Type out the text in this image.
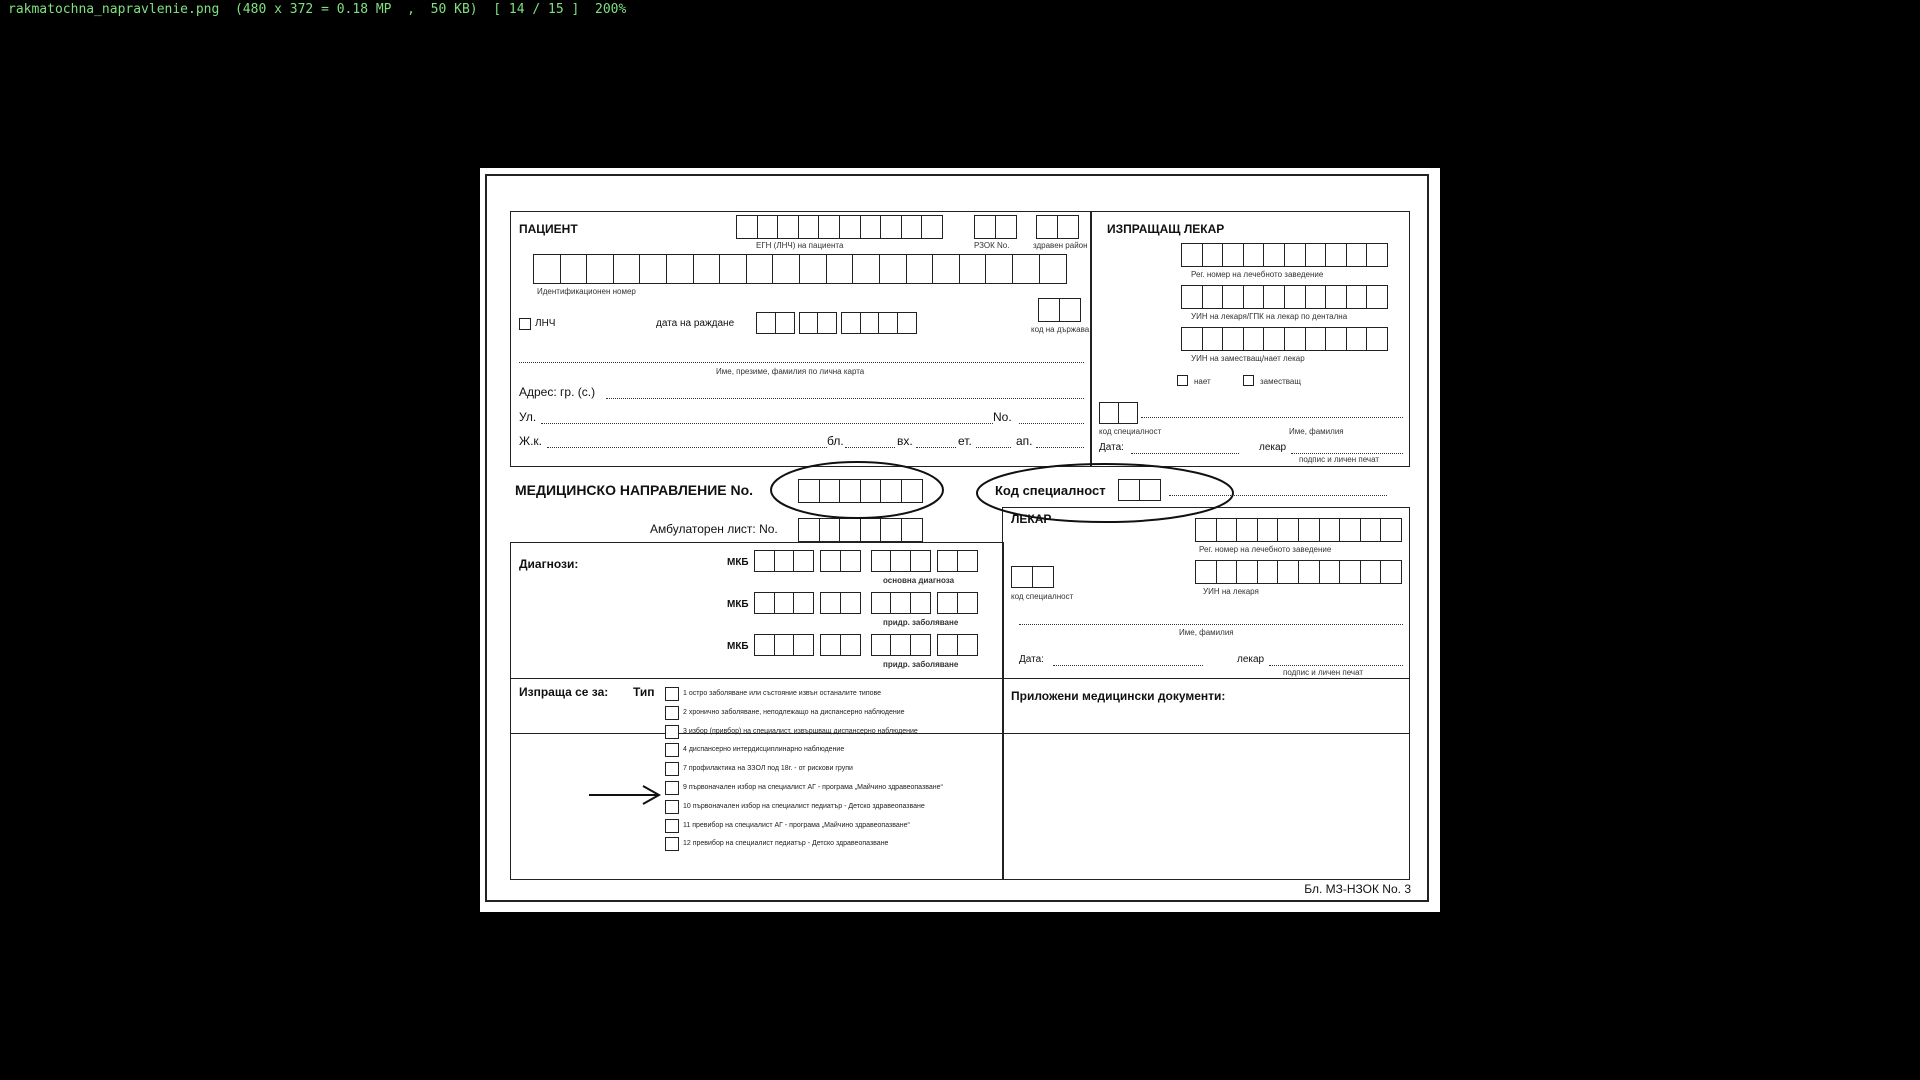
rakmatochna_napravlenie.png  (480 x 372 = 0.18 MP  ,  50 KB)  [ 14 / 15 ]  200%
ПАЦИЕНТ
ЕГН (ЛНЧ) на пациента	РЗОК No.	здравен район
Идентификационен номер
ЛНЧ	дата на раждане
код на държава
Име, презиме, фамилия по лична карта
Адрес: гр. (с.)
Ул.	No.
Ж.к.	бл.	вх.	ет.	ап.
ИЗПРАЩАЩ ЛЕКАР
Рег. номер на лечебното заведение
УИН на лекаря/ГПК на лекар по дентална
УИН на заместващ/нает лекар
нает	заместващ
код специалност	Име, фамилия
Дата:	лекар
подпис и личен печат
МЕДИЦИНСКО НАПРАВЛЕНИЕ No.	Код специалност
Амбулаторен лист: No.
ЛЕКАР
Рег. номер на лечебното заведение
код специалност
УИН на лекаря
Име, фамилия
Дата:	лекар
подпис и личен печат
Диагнози:	МКБ
основна диагноза
МКБ
придр. заболяване
МКБ
придр. заболяване
Изпраща се за: Тип	1 остро заболяване или състояние извън останалите типове
2 хронично заболяване, неподлежащо на диспансерно наблюдение
3 избор (привбор) на специалист, извършващ диспансерно наблюдение
4 диспансерно интердисциплинарно наблюдение
7 профилактика на ЗЗОЛ под 18г. - от рискови групи
9 първоначален избор на специалист АГ - програма „Майчино здравеопазване“
10 първоначален избор на специалист педиатър - Детско здравеопазване
11 превибор на специалист АГ - програма „Майчино здравеопазване“
12 превибор на специалист педиатър - Детско здравеопазване
Приложени медицински документи:
Бл. МЗ-НЗОК No. 3
